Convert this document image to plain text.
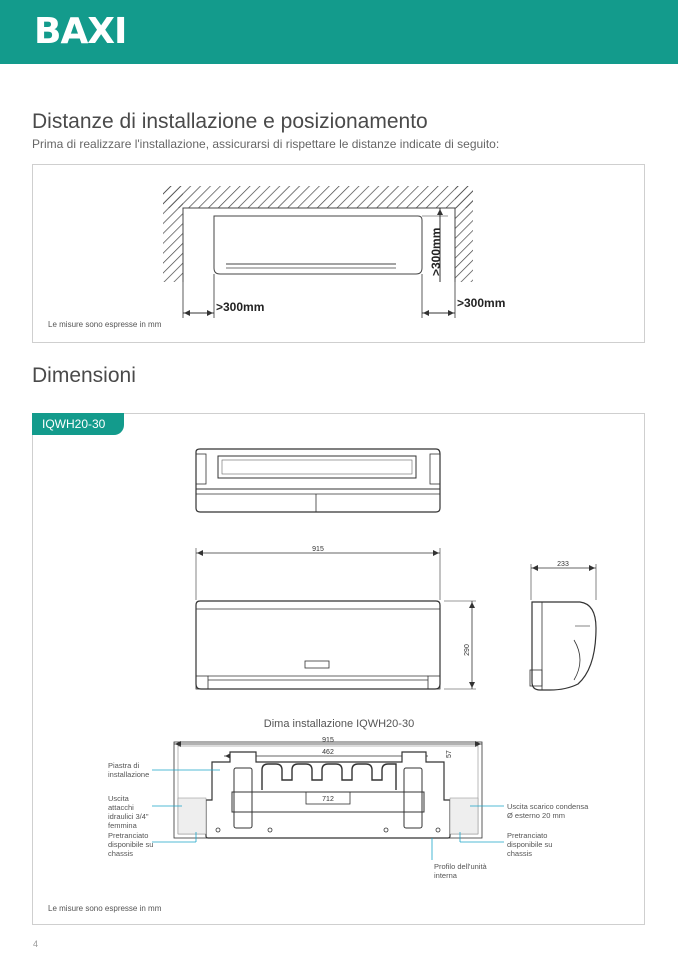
BAXI
Distanze di installazione e posizionamento
Prima di realizzare l'installazione, assicurarsi di rispettare le distanze indicate di seguito:
>300mm	>300mm
>300mm
Le misure sono espresse in mm
Dimensioni
IQWH20-30
915
290
233
915
462	57
712
Dima installazione IQWH20-30
Piastra di installazione
Uscita attacchi idraulici 3/4" femmina
Pretranciato disponibile su chassis
Uscita scarico condensa Ø esterno 20 mm
Pretranciato disponibile su chassis
Profilo dell'unità interna
Le misure sono espresse in mm
4
